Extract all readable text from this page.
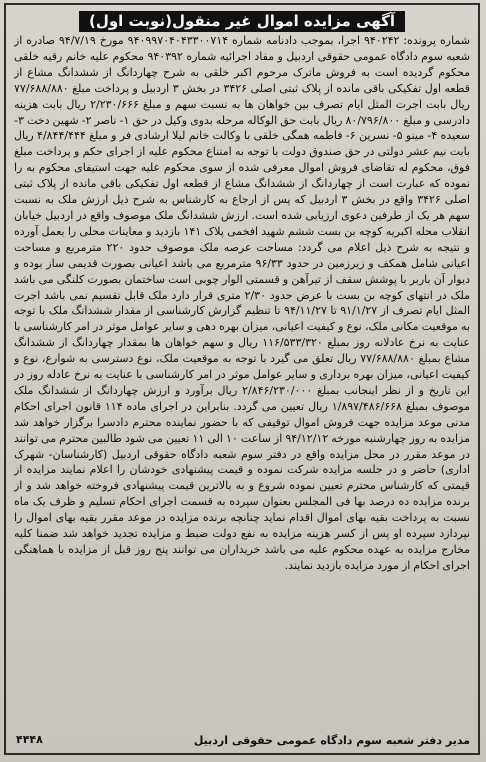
آگهی مزایده اموال غیر منقول(نوبت اول)

شماره پرونده: ۹۴۰۲۴۲ اجرا، بموجب دادنامه شماره ۹۴۰۹۹۷۰۴۰۴۳۳۰۰۷۱۴ مورخ ۹۴/۷/۱۹ صادره از شعبه سوم دادگاه عمومی حقوقی اردبیل و مفاد اجرائیه شماره ۹۴۰۳۹۲ محکوم علیه خانم رقیه خلقی محکوم گردیده است به فروش ماترک مرحوم اکبر خلقی به شرح چهاردانگ از ششدانگ مشاع از قطعه اول تفکیکی باقی مانده از پلاک ثبتی اصلی ۳۴۲۶ در بخش ۳ اردبیل و پرداخت مبلغ ۷۷/۶۸۸/۸۸۰ ریال بابت اجرت المثل ایام تصرف بین خواهان ها به نسبت سهم و مبلغ ۲/۲۳۰/۶۶۶ ریال بابت هزینه دادرسی و مبلغ ۸۰/۷۹۶/۸۰۰ ریال بابت حق الوکاله مرحله بدوی وکیل در حق ۱- ناصر ۲- شهین دخت ۳- سعیده ۴- مینو ۵- نسرین ۶- فاطمه همگی خلقی با وکالت خانم لیلا ارشادی فر و مبلغ ۴/۸۴۴/۴۴۴ ریال بابت نیم عشر دولتی در حق صندوق دولت با توجه به امتناع محکوم علیه از اجرای حکم و پرداخت مبلغ فوق، محکوم له تقاضای فروش اموال معرفی شده از سوی محکوم علیه جهت استیفای محکوم به را نموده که عبارت است از چهاردانگ از ششدانگ مشاع از قطعه اول تفکیکی باقی مانده از پلاک ثبتی اصلی ۳۴۲۶ واقع در بخش ۳ اردبیل که پس از ارجاع به کارشناس به شرح ذیل ارزش ملک به نسبت سهم هر یک از طرفین دعوی ارزیابی شده است. ارزش ششدانگ ملک موصوف واقع در اردبیل خیابان انقلاب محله اکبریه کوچه بن بست ششم شهید افخمی پلاک ۱۴۱ بازدید و معاینات محلی را بعمل آورده و نتیجه به شرح ذیل اعلام می گردد: مساحت عرصه ملک موصوف حدود ۲۲۰ مترمربع و مساحت اعیانی شامل همکف و زیرزمین در حدود ۹۶/۳۳ مترمربع می باشد اعیانی بصورت قدیمی ساز بوده و دیوار آن باربر با پوشش سقف از تیرآهن و قسمتی الوار چوبی است ساختمان بصورت کلنگی می باشد ملک در انتهای کوچه بن بست با عرض حدود ۲/۳۰ متری قرار دارد ملک قابل تقسیم نمی باشد اجرت المثل ایام تصرف از ۹۱/۱/۲۷ تا ۹۴/۱۱/۲۷ تا تنظیم گزارش کارشناسی از مقدار ششدانگ ملک با توجه به موقعیت مکانی ملک، نوع و کیفیت اعیانی، میزان بهره دهی و سایر عوامل موثر در امر کارشناسی با عنایت به نرخ عادلانه روز بمبلغ ۱۱۶/۵۳۳/۳۲۰ ریال و سهم خواهان ها بمقدار چهاردانگ از ششدانگ مشاع بمبلغ ۷۷/۶۸۸/۸۸۰ ریال تعلق می گیرد با توجه به موقعیت ملک، نوع دسترسی به شوارع، نوع و کیفیت اعیانی، میزان بهره برداری و سایر عوامل موثر در امر کارشناسی با عنایت به نرخ عادله روز در این تاریخ و از نظر اینجانب بمبلغ ۲/۸۴۶/۲۳۰/۰۰۰ ریال برآورد و ارزش چهاردانگ از ششدانگ ملک موصوف بمبلغ ۱/۸۹۷/۴۸۶/۶۶۸ ریال تعیین می گردد. بنابراین در اجرای ماده ۱۱۴ قانون اجرای احکام مدنی موعد مزایده جهت فروش اموال توقیفی که با حضور نماینده محترم دادسرا برگزار خواهد شد مزایده به روز چهارشنبه مورخه ۹۴/۱۲/۱۲ از ساعت ۱۰ الی ۱۱ تعیین می شود طالبین محترم می توانند در موعد مقرر در محل مزایده واقع در دفتر سوم شعبه دادگاه حقوقی اردبیل (کارشناسان- شهرک اداری) حاضر و در جلسه مزایده شرکت نموده و قیمت پیشنهادی خودشان را اعلام نمایند مزایده از قیمتی که کارشناس محترم تعیین نموده شروع و به بالاترین قیمت پیشنهادی فروخته خواهد شد و از برنده مزایده ده درصد بها فی المجلس بعنوان سپرده به قسمت اجرای احکام تسلیم و ظرف یک ماه نسبت به پرداخت بقیه بهای اموال اقدام نماید چنانچه برنده مزایده در موعد مقرر بقیه بهای اموال را نپردازد سپرده او پس از کسر هزینه مزایده به نفع دولت ضبط و مزایده تجدید خواهد شد ضمنا کلیه مخارج مزایده به عهده محکوم علیه می باشد خریداران می توانند پنج روز قبل از مزایده با هماهنگی اجرای احکام از مورد مزایده بازدید نمایند.

مدیر دفتر شعبه سوم دادگاه عمومی حقوقی اردبیل
۴۴۴۸
